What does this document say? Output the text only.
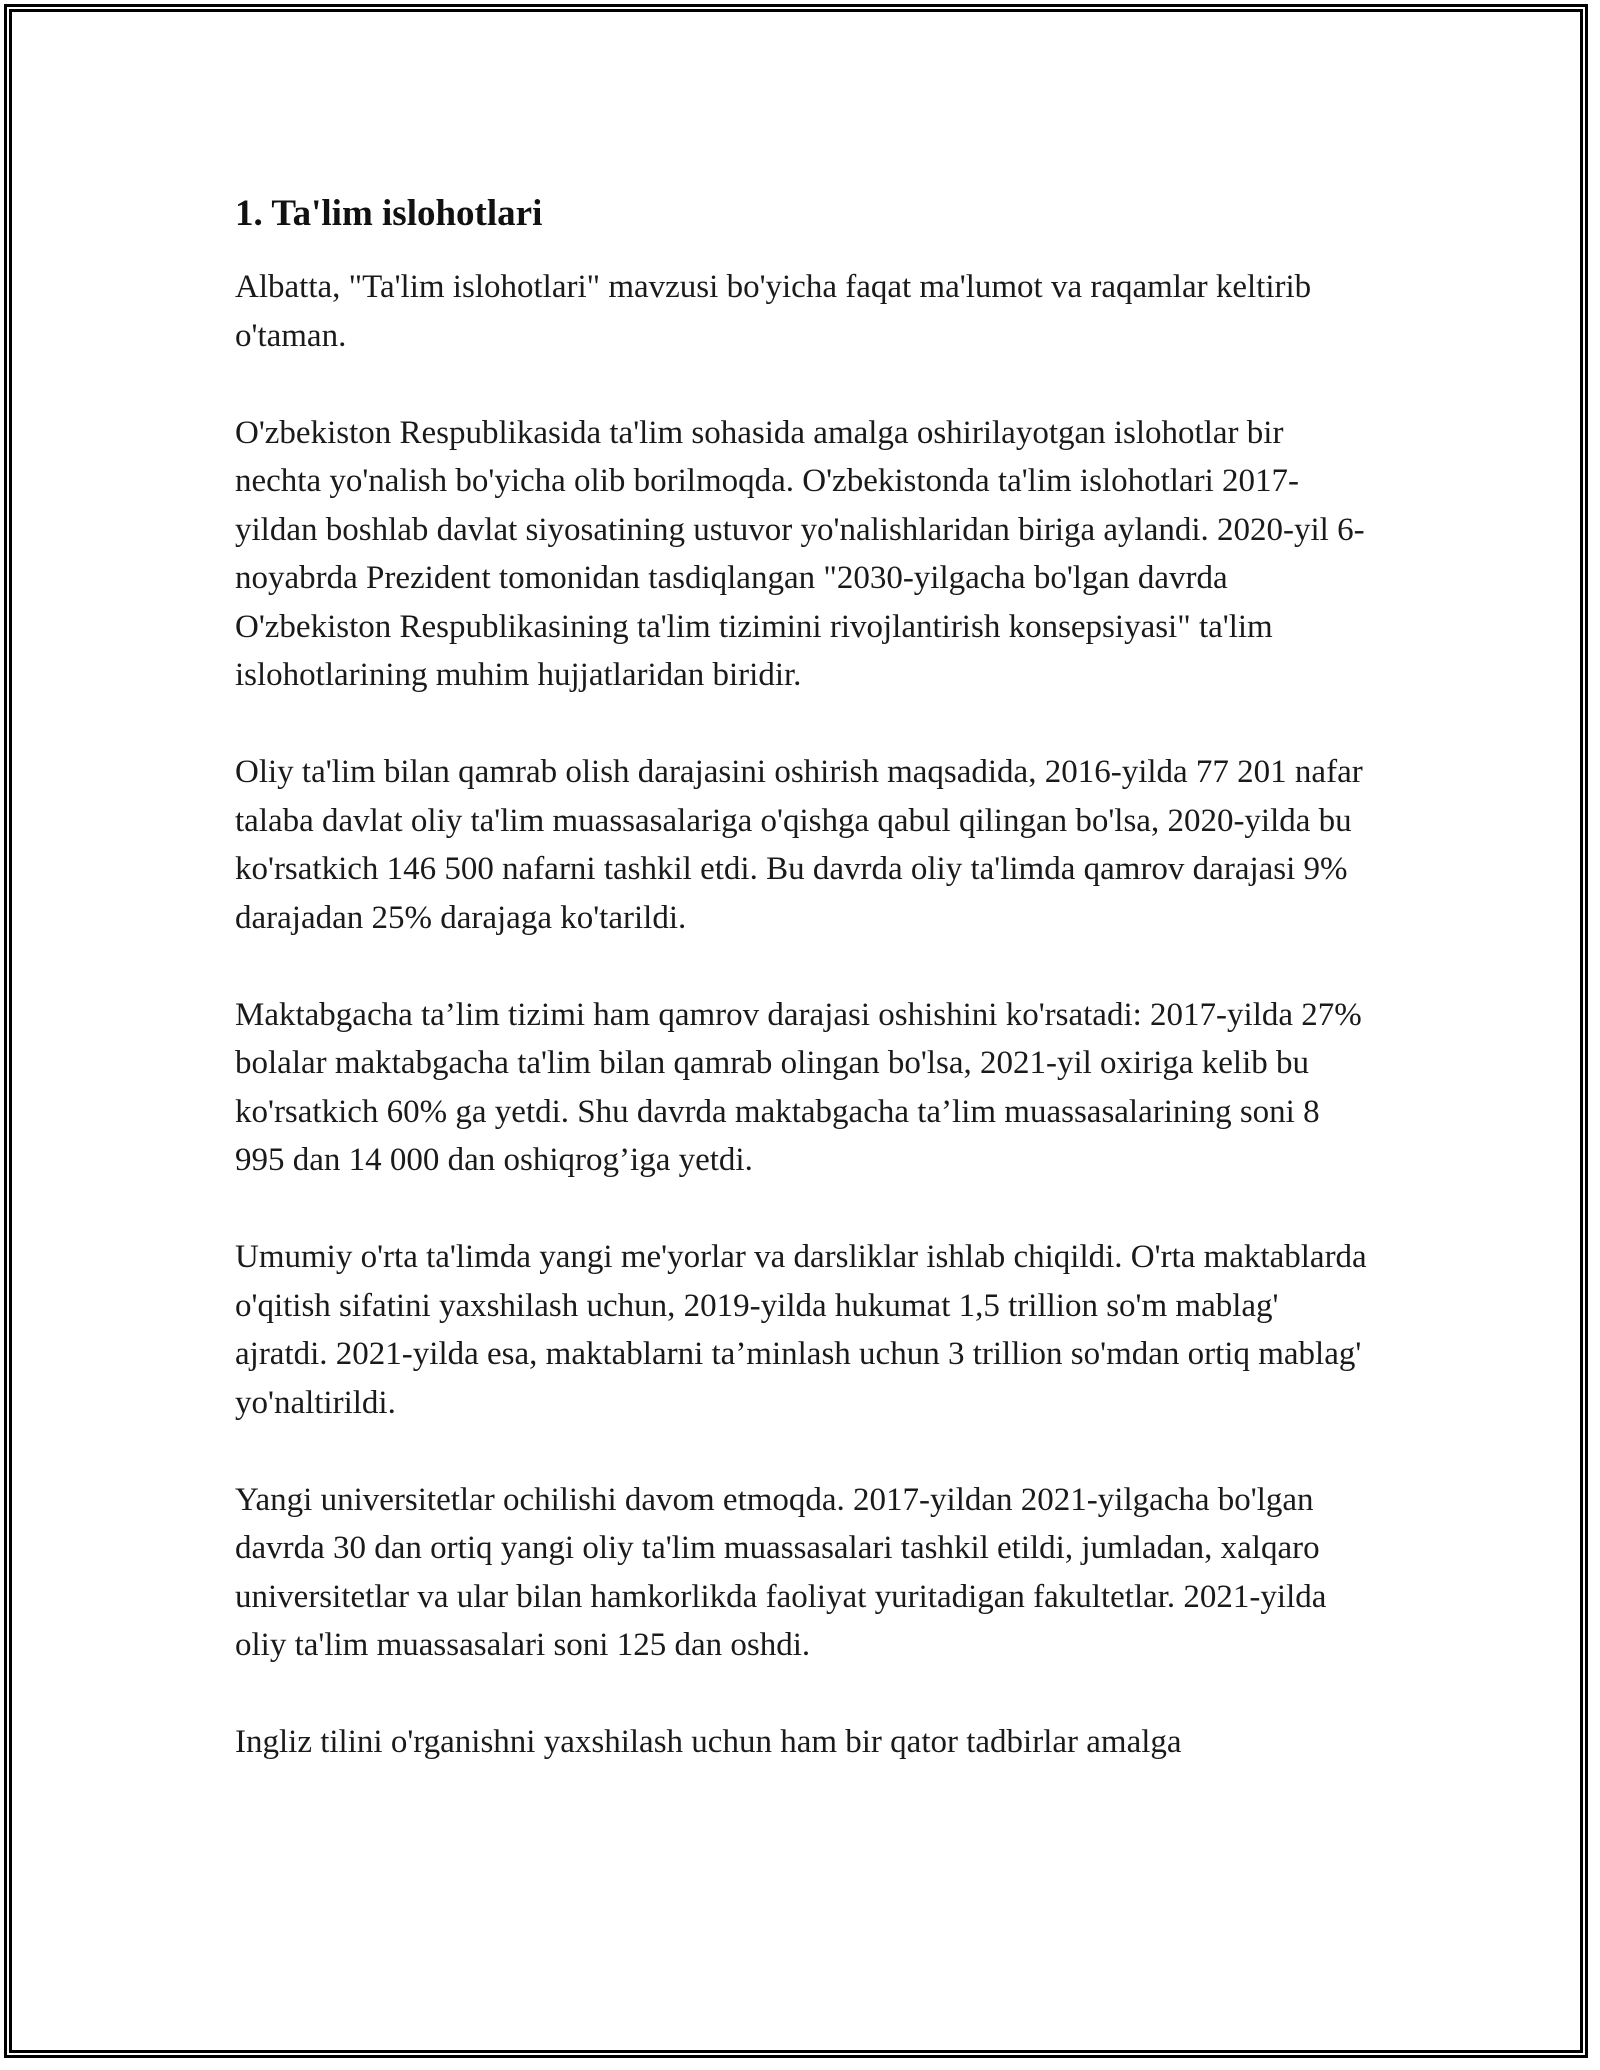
1. Ta'lim islohotlari

Albatta, "Ta'lim islohotlari" mavzusi bo'yicha faqat ma'lumot va raqamlar keltirib o'taman.

O'zbekiston Respublikasida ta'lim sohasida amalga oshirilayotgan islohotlar bir nechta yo'nalish bo'yicha olib borilmoqda. O'zbekistonda ta'lim islohotlari 2017-yildan boshlab davlat siyosatining ustuvor yo'nalishlaridan biriga aylandi. 2020-yil 6-noyabrda Prezident tomonidan tasdiqlangan "2030-yilgacha bo'lgan davrda O'zbekiston Respublikasining ta'lim tizimini rivojlantirish konsepsiyasi" ta'lim islohotlarining muhim hujjatlaridan biridir.

Oliy ta'lim bilan qamrab olish darajasini oshirish maqsadida, 2016-yilda 77 201 nafar talaba davlat oliy ta'lim muassasalariga o'qishga qabul qilingan bo'lsa, 2020-yilda bu ko'rsatkich 146 500 nafarni tashkil etdi. Bu davrda oliy ta'limda qamrov darajasi 9% darajadan 25% darajaga ko'tarildi.

Maktabgacha ta’lim tizimi ham qamrov darajasi oshishini ko'rsatadi: 2017-yilda 27% bolalar maktabgacha ta'lim bilan qamrab olingan bo'lsa, 2021-yil oxiriga kelib bu ko'rsatkich 60% ga yetdi. Shu davrda maktabgacha ta’lim muassasalarining soni 8 995 dan 14 000 dan oshiqrog’iga yetdi.

Umumiy o'rta ta'limda yangi me'yorlar va darsliklar ishlab chiqildi. O'rta maktablarda o'qitish sifatini yaxshilash uchun, 2019-yilda hukumat 1,5 trillion so'm mablag' ajratdi. 2021-yilda esa, maktablarni ta’minlash uchun 3 trillion so'mdan ortiq mablag' yo'naltirildi.

Yangi universitetlar ochilishi davom etmoqda. 2017-yildan 2021-yilgacha bo'lgan davrda 30 dan ortiq yangi oliy ta'lim muassasalari tashkil etildi, jumladan, xalqaro universitetlar va ular bilan hamkorlikda faoliyat yuritadigan fakultetlar. 2021-yilda oliy ta'lim muassasalari soni 125 dan oshdi.

Ingliz tilini o'rganishni yaxshilash uchun ham bir qator tadbirlar amalga
